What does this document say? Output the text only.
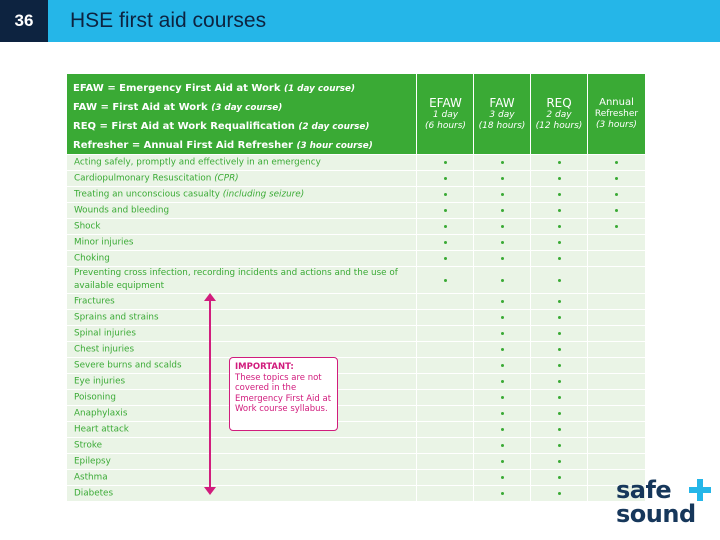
36	HSE first aid courses
EFAW = Emergency First Aid at Work (1 day course)
FAW = First Aid at Work (3 day course)
REQ = First Aid at Work Requalification (2 day course)
Refresher = Annual First Aid Refresher (3 hour course)
EFAW
1 day
(6 hours)
FAW
3 day
(18 hours)
REQ
2 day
(12 hours)
Annual
Refresher
(3 hours)
Acting safely, promptly and effectively in an emergency
Cardiopulmonary Resuscitation (CPR)
Treating an unconscious casualty (including seizure)
Wounds and bleeding
Shock
Minor injuries
Choking
Preventing cross infection, recording incidents and actions and the use of available equipment
Fractures
Sprains and strains
Spinal injuries
Chest injuries
Severe burns and scalds
Eye injuries
Poisoning
Anaphylaxis
Heart attack
Stroke
Epilepsy
Asthma
Diabetes
IMPORTANT:
These topics are not covered in the Emergency First Aid at Work course syllabus.
safe
sound
